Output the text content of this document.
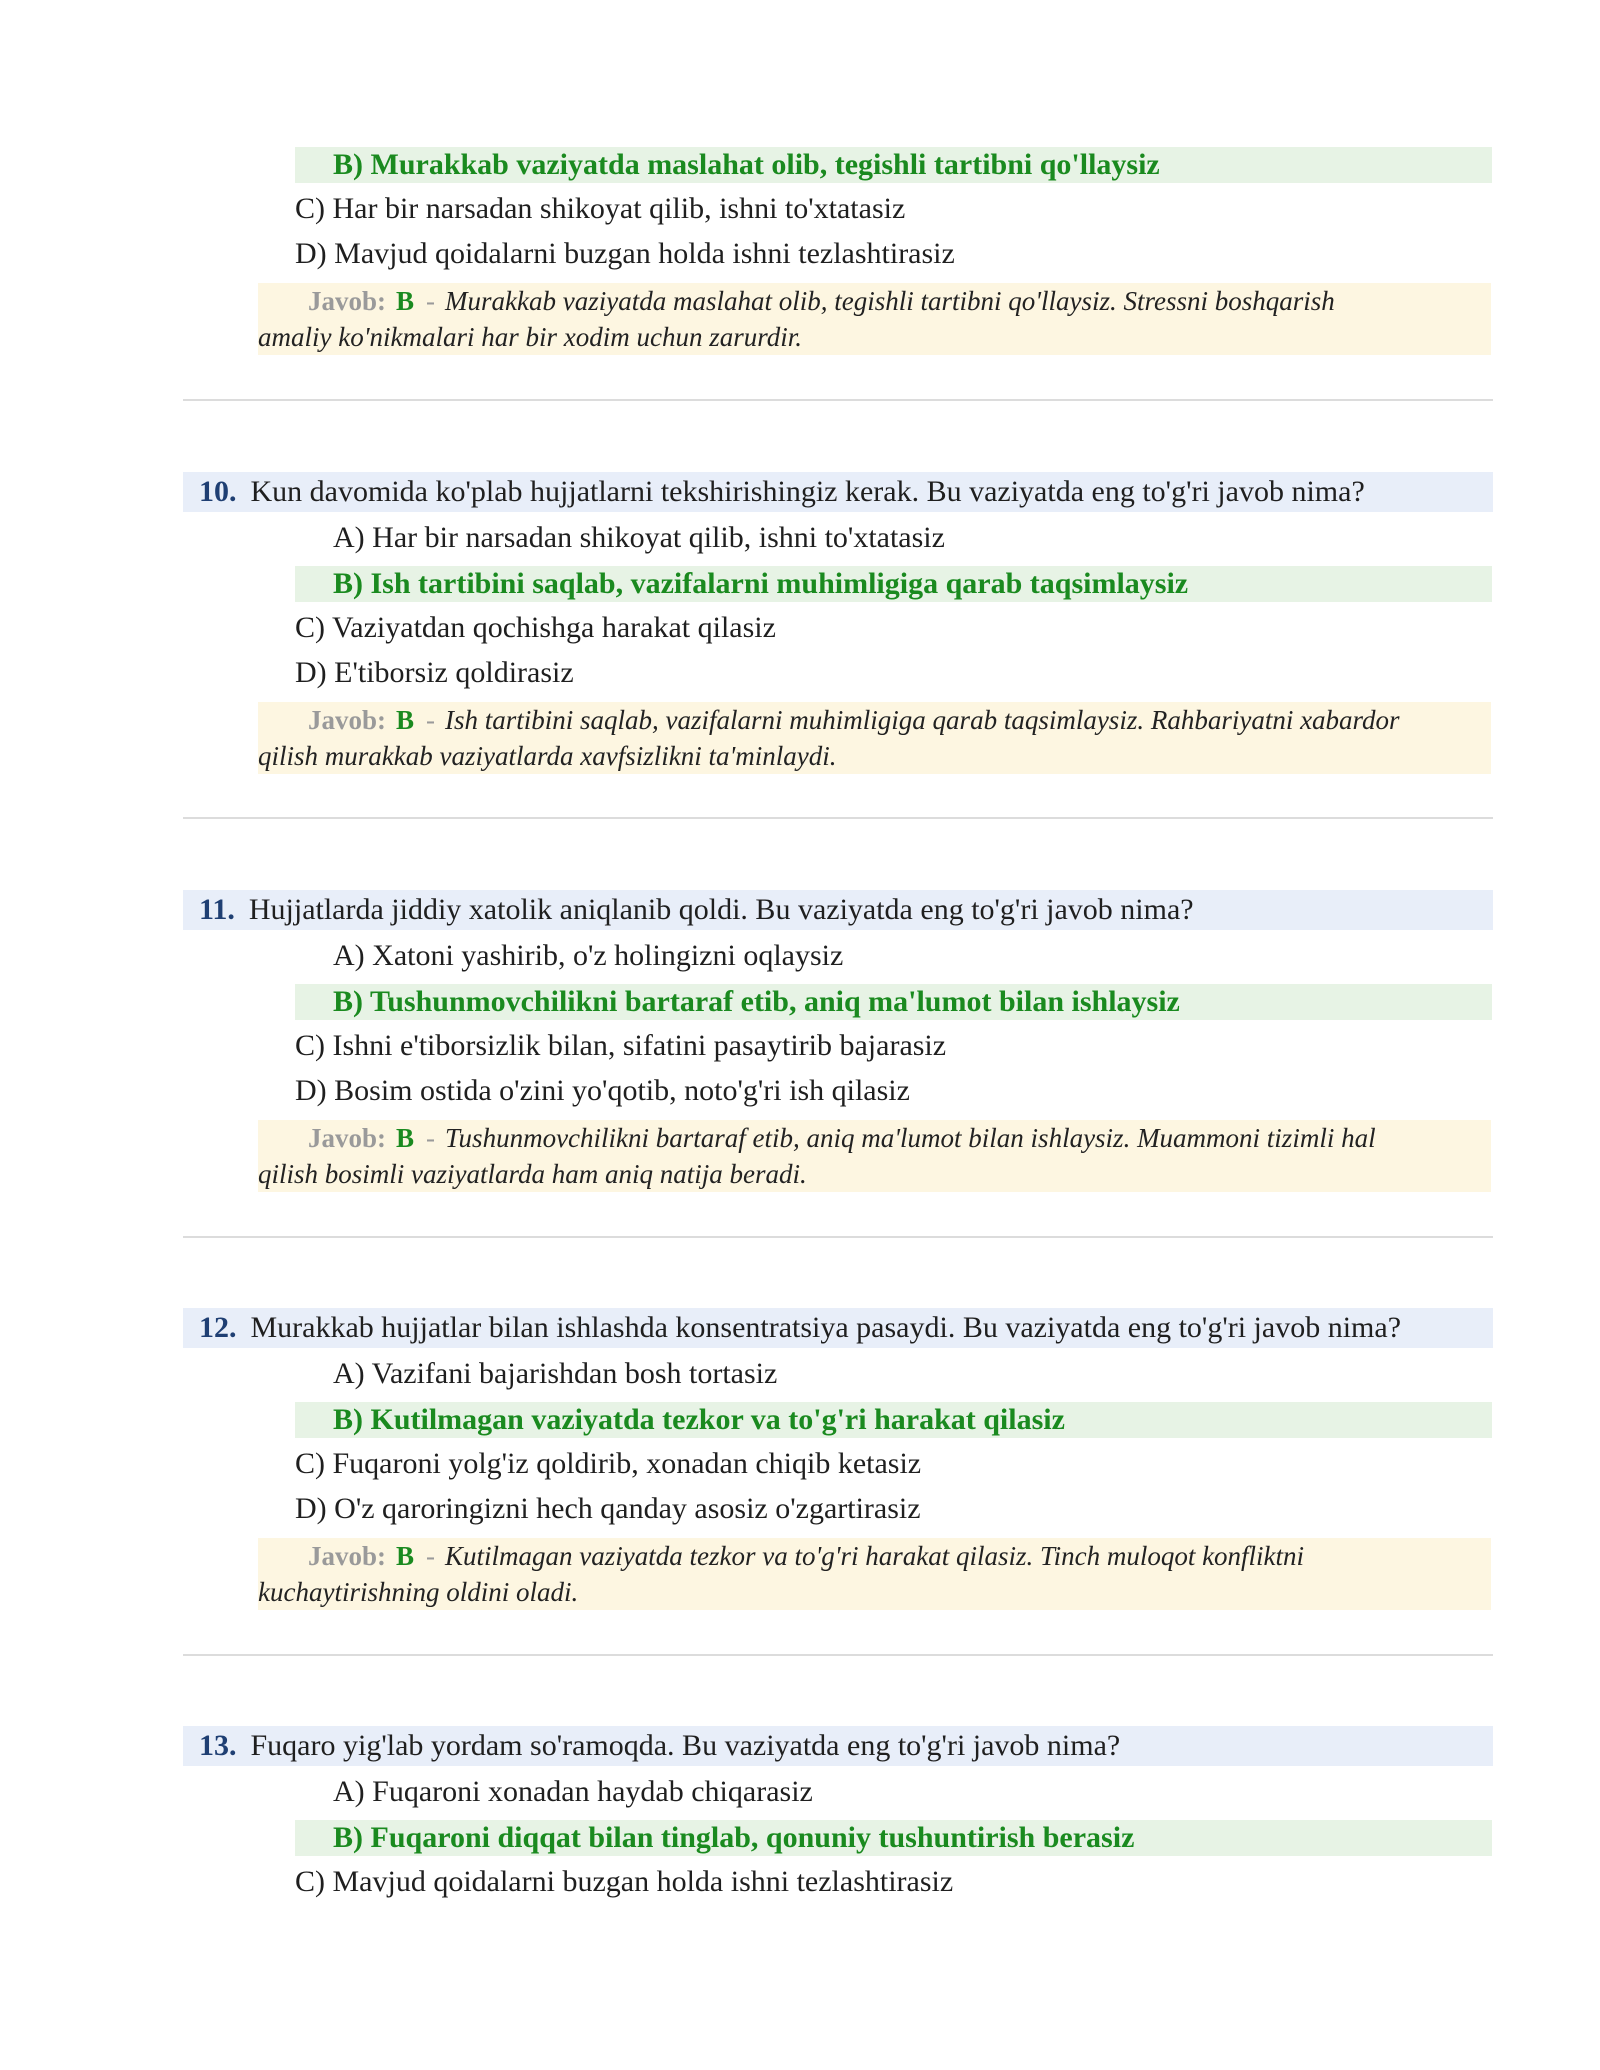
B) Murakkab vaziyatda maslahat olib, tegishli tartibni qo'llaysiz
C) Har bir narsadan shikoyat qilib, ishni to'xtatasiz
D) Mavjud qoidalarni buzgan holda ishni tezlashtirasiz
Javob: B - Murakkab vaziyatda maslahat olib, tegishli tartibni qo'llaysiz. Stressni boshqarish
amaliy ko'nikmalari har bir xodim uchun zarurdir.
10. Kun davomida ko'plab hujjatlarni tekshirishingiz kerak. Bu vaziyatda eng to'g'ri javob nima?
A) Har bir narsadan shikoyat qilib, ishni to'xtatasiz
B) Ish tartibini saqlab, vazifalarni muhimligiga qarab taqsimlaysiz
C) Vaziyatdan qochishga harakat qilasiz
D) E'tiborsiz qoldirasiz
Javob: B - Ish tartibini saqlab, vazifalarni muhimligiga qarab taqsimlaysiz. Rahbariyatni xabardor
qilish murakkab vaziyatlarda xavfsizlikni ta'minlaydi.
11. Hujjatlarda jiddiy xatolik aniqlanib qoldi. Bu vaziyatda eng to'g'ri javob nima?
A) Xatoni yashirib, o'z holingizni oqlaysiz
B) Tushunmovchilikni bartaraf etib, aniq ma'lumot bilan ishlaysiz
C) Ishni e'tiborsizlik bilan, sifatini pasaytirib bajarasiz
D) Bosim ostida o'zini yo'qotib, noto'g'ri ish qilasiz
Javob: B - Tushunmovchilikni bartaraf etib, aniq ma'lumot bilan ishlaysiz. Muammoni tizimli hal
qilish bosimli vaziyatlarda ham aniq natija beradi.
12. Murakkab hujjatlar bilan ishlashda konsentratsiya pasaydi. Bu vaziyatda eng to'g'ri javob nima?
A) Vazifani bajarishdan bosh tortasiz
B) Kutilmagan vaziyatda tezkor va to'g'ri harakat qilasiz
C) Fuqaroni yolg'iz qoldirib, xonadan chiqib ketasiz
D) O'z qaroringizni hech qanday asosiz o'zgartirasiz
Javob: B - Kutilmagan vaziyatda tezkor va to'g'ri harakat qilasiz. Tinch muloqot konfliktni
kuchaytirishning oldini oladi.
13. Fuqaro yig'lab yordam so'ramoqda. Bu vaziyatda eng to'g'ri javob nima?
A) Fuqaroni xonadan haydab chiqarasiz
B) Fuqaroni diqqat bilan tinglab, qonuniy tushuntirish berasiz
C) Mavjud qoidalarni buzgan holda ishni tezlashtirasiz
